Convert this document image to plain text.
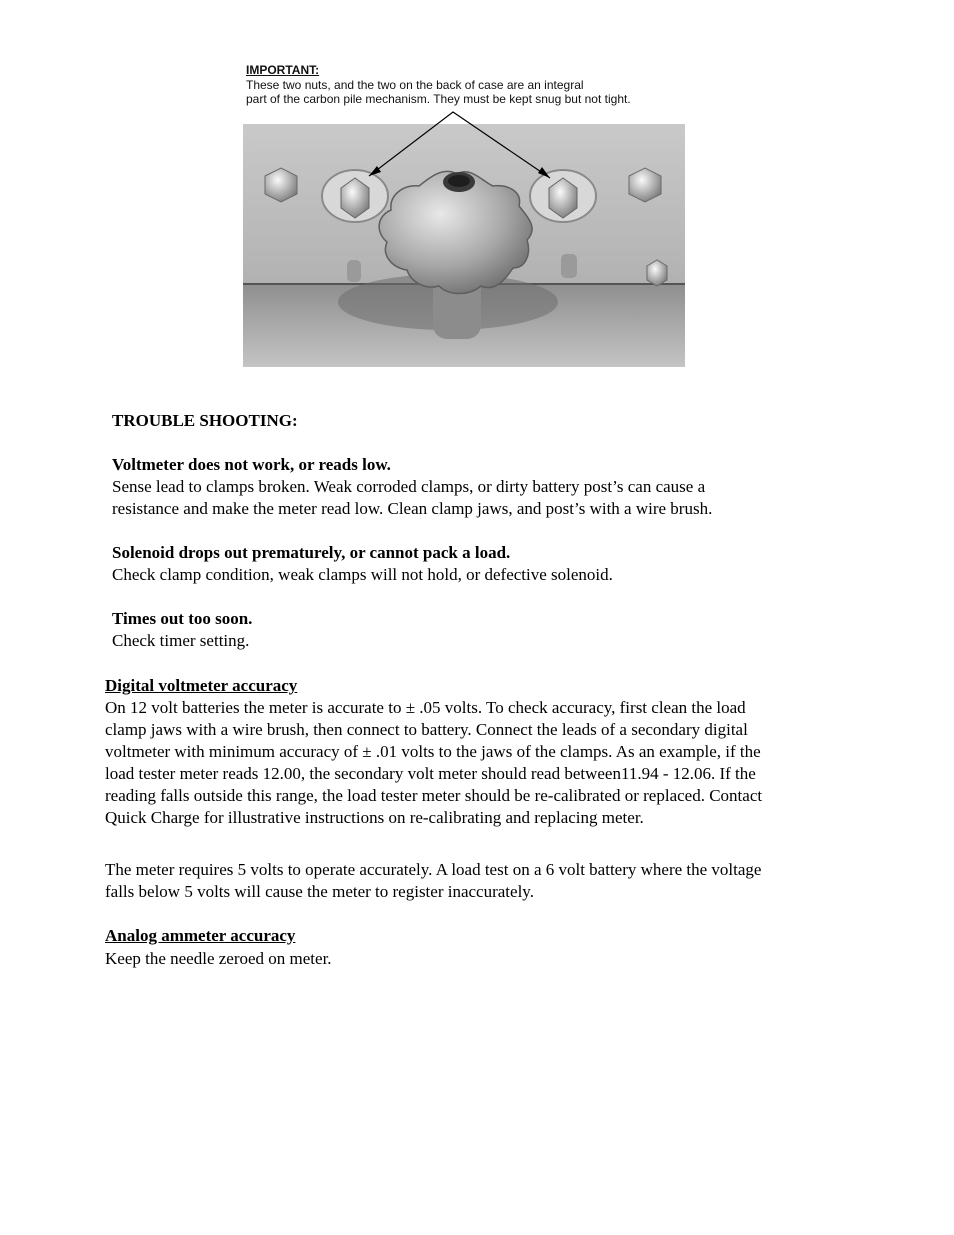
IMPORTANT:
These two nuts, and the two on the back of case are an integral
part of the carbon pile mechanism. They must be kept snug but not tight.
TROUBLE SHOOTING:
Voltmeter does not work, or reads low.
Sense lead to clamps broken. Weak corroded clamps, or dirty battery post’s can cause a
resistance and make the meter read low. Clean clamp jaws, and post’s with a wire brush.
Solenoid drops out prematurely, or cannot pack a load.
Check clamp condition, weak clamps will not hold, or defective solenoid.
Times out too soon.
Check timer setting.
Digital voltmeter accuracy
On 12 volt batteries the meter is accurate to ± .05 volts. To check accuracy, first clean the load
clamp jaws with a wire brush, then connect to battery. Connect the leads of a secondary digital
voltmeter with minimum accuracy of ± .01 volts to the jaws of the clamps. As an example, if the
load tester meter reads 12.00, the secondary volt meter should read between11.94 - 12.06. If the
reading falls outside this range, the load tester meter should be re-calibrated or replaced. Contact
Quick Charge for illustrative instructions on re-calibrating and replacing meter.
The meter requires 5 volts to operate accurately. A load test on a 6 volt battery where the voltage
falls below 5 volts will cause the meter to register inaccurately.
Analog ammeter accuracy
Keep the needle zeroed on meter.
